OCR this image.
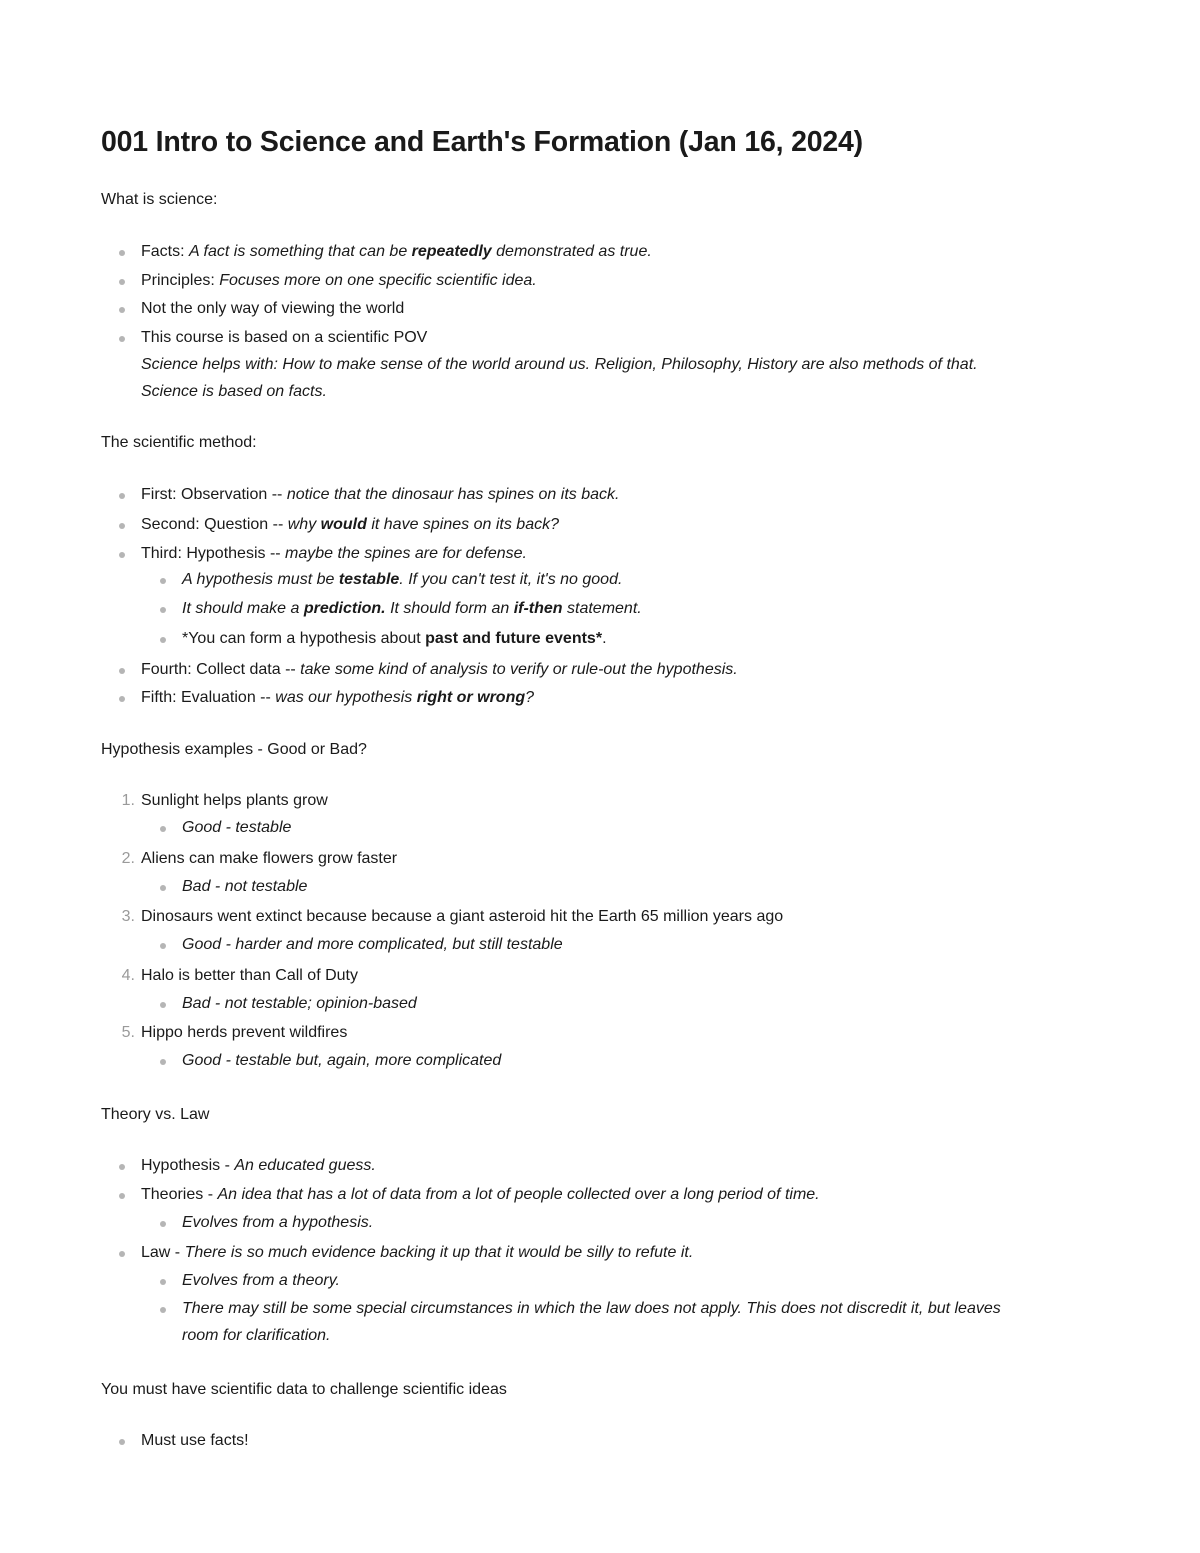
001 Intro to Science and Earth's Formation (Jan 16, 2024)
What is science:
Facts: A fact is something that can be repeatedly demonstrated as true.
Principles: Focuses more on one specific scientific idea.
Not the only way of viewing the world
This course is based on a scientific POV
Science helps with: How to make sense of the world around us. Religion, Philosophy, History are also methods of that.
Science is based on facts.
The scientific method:
First: Observation -- notice that the dinosaur has spines on its back.
Second: Question -- why would it have spines on its back?
Third: Hypothesis -- maybe the spines are for defense.
A hypothesis must be testable. If you can't test it, it's no good.
It should make a prediction. It should form an if-then statement.
*You can form a hypothesis about past and future events*.
Fourth: Collect data -- take some kind of analysis to verify or rule-out the hypothesis.
Fifth: Evaluation -- was our hypothesis right or wrong?
Hypothesis examples - Good or Bad?
1. Sunlight helps plants grow
Good - testable
2. Aliens can make flowers grow faster
Bad - not testable
3. Dinosaurs went extinct because because a giant asteroid hit the Earth 65 million years ago
Good - harder and more complicated, but still testable
4. Halo is better than Call of Duty
Bad - not testable; opinion-based
5. Hippo herds prevent wildfires
Good - testable but, again, more complicated
Theory vs. Law
Hypothesis - An educated guess.
Theories - An idea that has a lot of data from a lot of people collected over a long period of time.
Evolves from a hypothesis.
Law - There is so much evidence backing it up that it would be silly to refute it.
Evolves from a theory.
There may still be some special circumstances in which the law does not apply. This does not discredit it, but leaves
room for clarification.
You must have scientific data to challenge scientific ideas
Must use facts!
